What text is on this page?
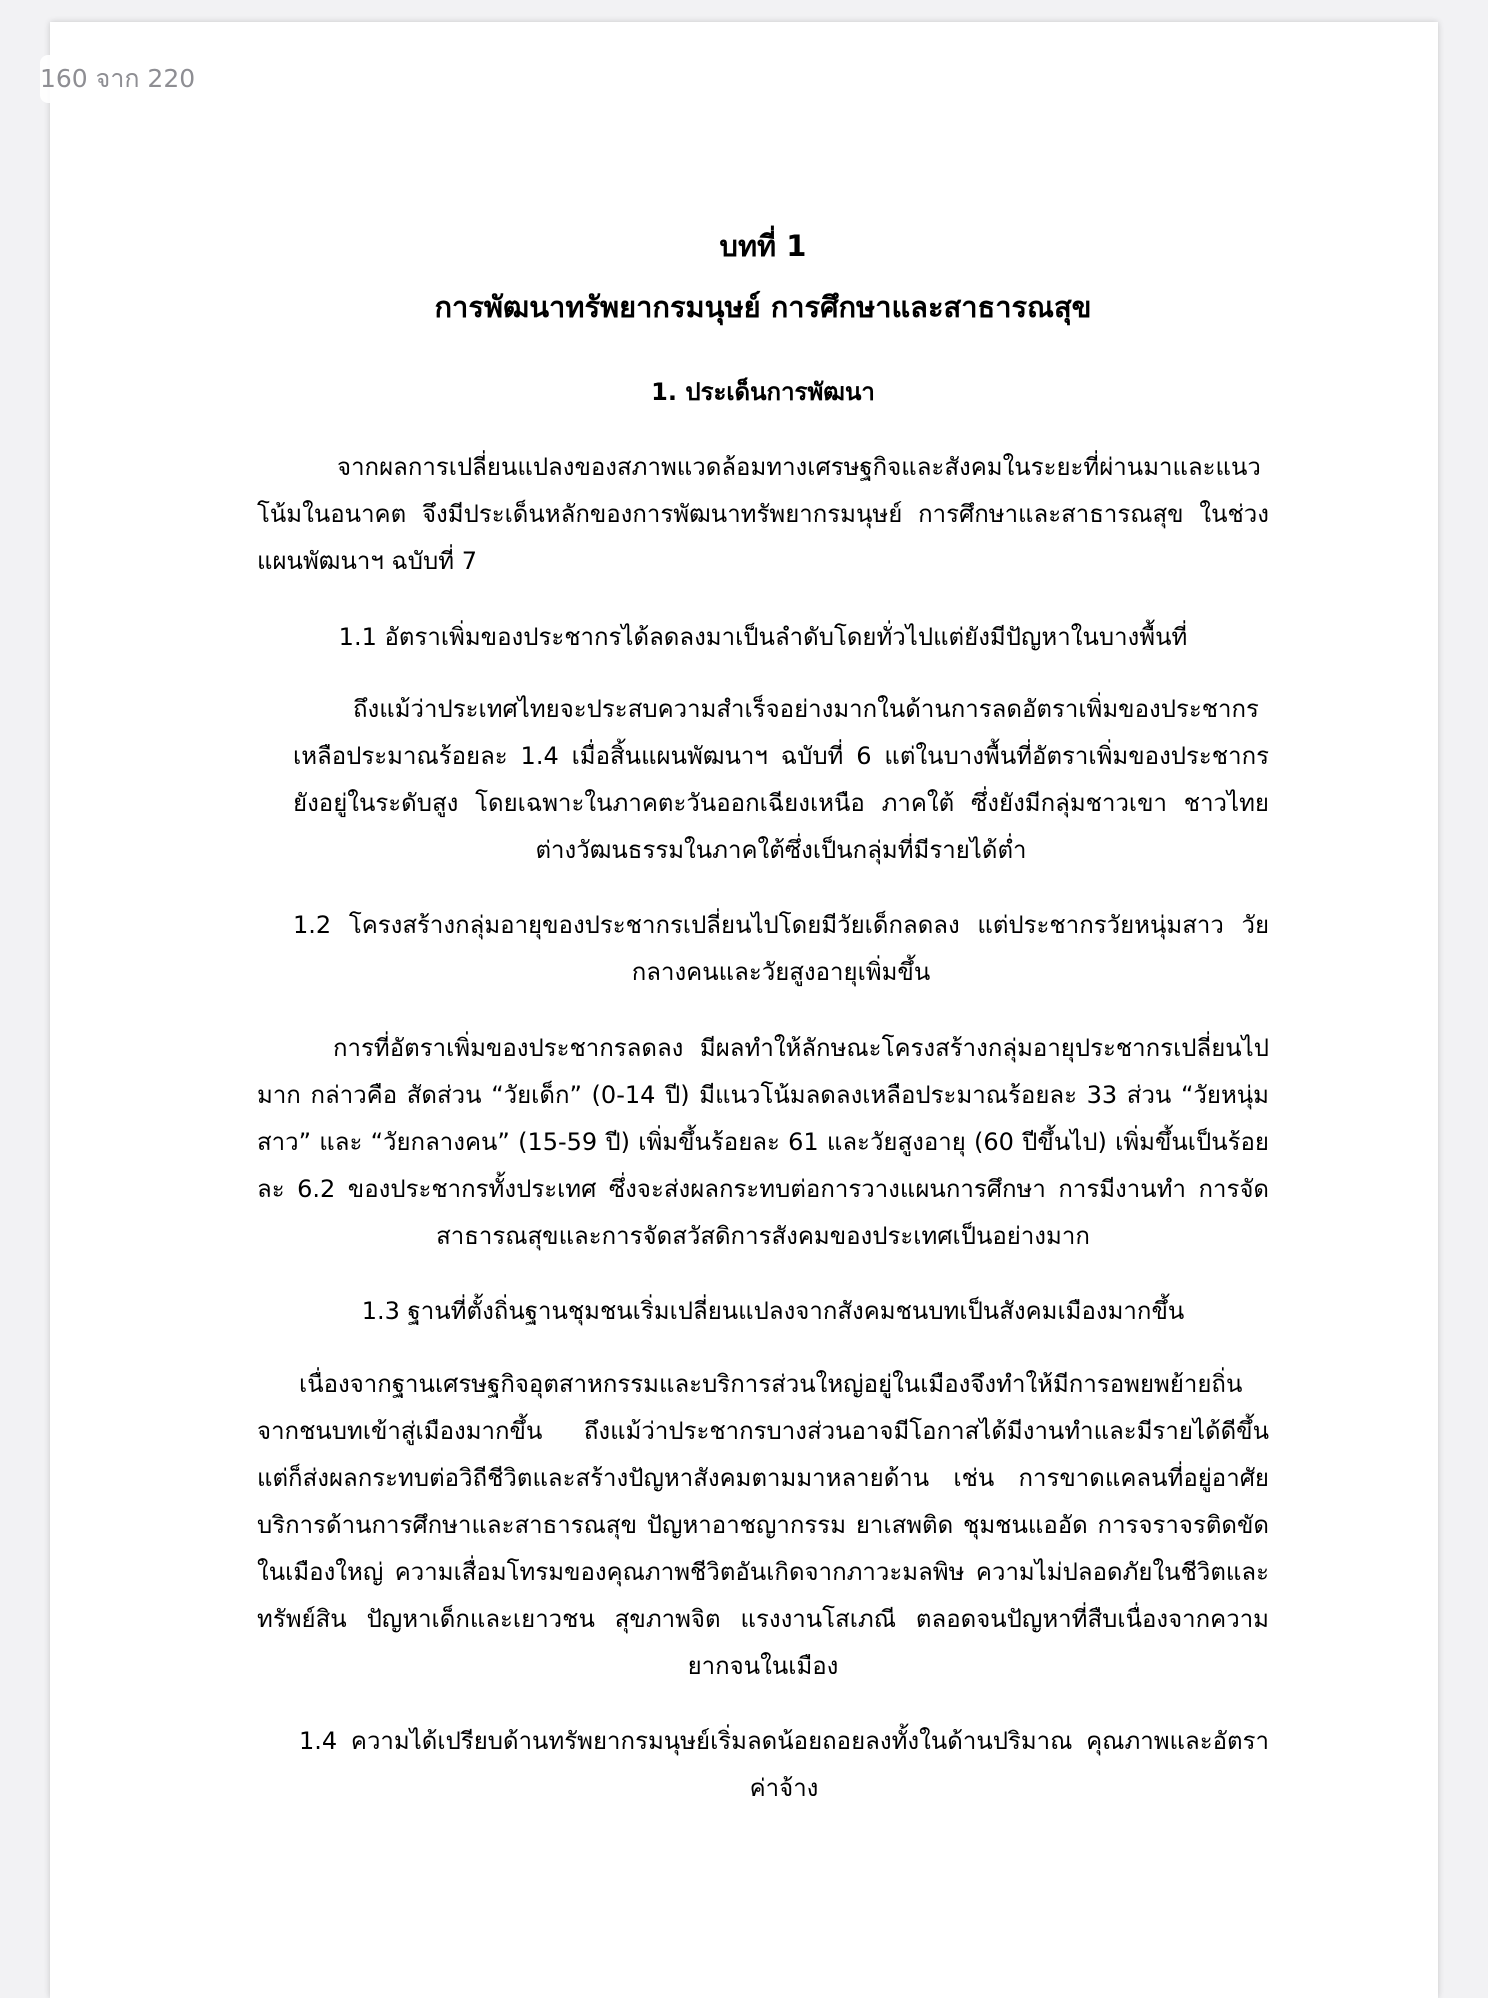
160 จาก 220
บทที่ 1
การพัฒนาทรัพยากรมนุษย์ การศึกษาและสาธารณสุข
1. ประเด็นการพัฒนา
จากผลการเปลี่ยนแปลงของสภาพแวดล้อมทางเศรษฐกิจและสังคมในระยะที่ผ่านมาและแนวโน้มในอนาคต จึงมีประเด็นหลักของการพัฒนาทรัพยากรมนุษย์ การศึกษาและสาธารณสุข ในช่วงแผนพัฒนาฯ ฉบับที่ 7
1.1 อัตราเพิ่มของประชากรได้ลดลงมาเป็นลำดับโดยทั่วไปแต่ยังมีปัญหาในบางพื้นที่
ถึงแม้ว่าประเทศไทยจะประสบความสำเร็จอย่างมากในด้านการลดอัตราเพิ่มของประชากร เหลือประมาณร้อยละ 1.4 เมื่อสิ้นแผนพัฒนาฯ ฉบับที่ 6 แต่ในบางพื้นที่อัตราเพิ่มของประชากร ยังอยู่ในระดับสูง โดยเฉพาะในภาคตะวันออกเฉียงเหนือ ภาคใต้ ซึ่งยังมีกลุ่มชาวเขา ชาวไทยต่างวัฒนธรรมในภาคใต้ซึ่งเป็นกลุ่มที่มีรายได้ต่ำ
1.2 โครงสร้างกลุ่มอายุของประชากรเปลี่ยนไปโดยมีวัยเด็กลดลง แต่ประชากรวัยหนุ่มสาว วัยกลางคนและวัยสูงอายุเพิ่มขึ้น
การที่อัตราเพิ่มของประชากรลดลง มีผลทำให้ลักษณะโครงสร้างกลุ่มอายุประชากรเปลี่ยนไปมาก กล่าวคือ สัดส่วน “วัยเด็ก” (0-14 ปี) มีแนวโน้มลดลงเหลือประมาณร้อยละ 33 ส่วน “วัยหนุ่มสาว” และ “วัยกลางคน” (15-59 ปี) เพิ่มขึ้นร้อยละ 61 และวัยสูงอายุ (60 ปีขึ้นไป) เพิ่มขึ้นเป็นร้อยละ 6.2 ของประชากรทั้งประเทศ ซึ่งจะส่งผลกระทบต่อการวางแผนการศึกษา การมีงานทำ การจัดสาธารณสุขและการจัดสวัสดิการสังคมของประเทศเป็นอย่างมาก
1.3 ฐานที่ตั้งถิ่นฐานชุมชนเริ่มเปลี่ยนแปลงจากสังคมชนบทเป็นสังคมเมืองมากขึ้น
เนื่องจากฐานเศรษฐกิจอุตสาหกรรมและบริการส่วนใหญ่อยู่ในเมืองจึงทำให้มีการอพยพย้ายถิ่นจากชนบทเข้าสู่เมืองมากขึ้น ถึงแม้ว่าประชากรบางส่วนอาจมีโอกาสได้มีงานทำและมีรายได้ดีขึ้น แต่ก็ส่งผลกระทบต่อวิถีชีวิตและสร้างปัญหาสังคมตามมาหลายด้าน เช่น การขาดแคลนที่อยู่อาศัย บริการด้านการศึกษาและสาธารณสุข ปัญหาอาชญากรรม ยาเสพติด ชุมชนแออัด การจราจรติดขัดในเมืองใหญ่ ความเสื่อมโทรมของคุณภาพชีวิตอันเกิดจากภาวะมลพิษ ความไม่ปลอดภัยในชีวิตและทรัพย์สิน ปัญหาเด็กและเยาวชน สุขภาพจิต แรงงานโสเภณี ตลอดจนปัญหาที่สืบเนื่องจากความยากจนในเมือง
1.4 ความได้เปรียบด้านทรัพยากรมนุษย์เริ่มลดน้อยถอยลงทั้งในด้านปริมาณ คุณภาพและอัตราค่าจ้าง
